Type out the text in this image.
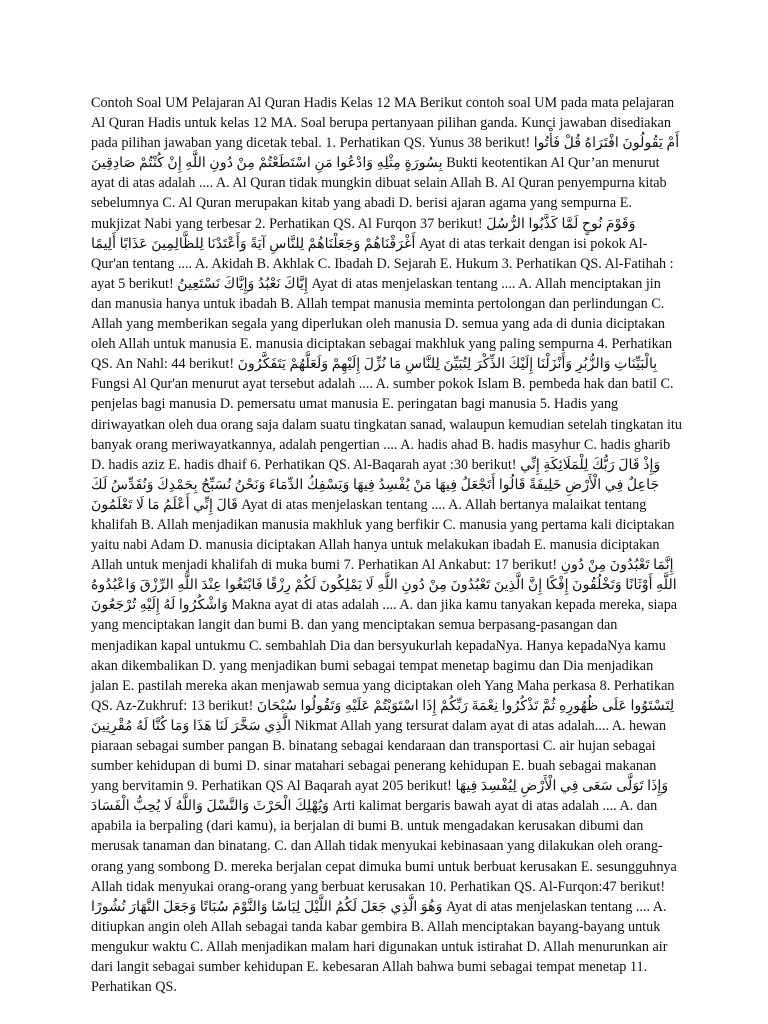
Contoh Soal UM Pelajaran Al Quran Hadis Kelas 12 MA Berikut contoh soal UM pada mata pelajaran Al Quran Hadis untuk kelas 12 MA. Soal berupa pertanyaan pilihan ganda. Kunci jawaban disediakan pada pilihan jawaban yang dicetak tebal. 1. Perhatikan QS. Yunus 38 berikut! أَمْ يَقُولُونَ افْتَرَاهُ قُلْ فَأْتُوا بِسُورَةٍ مِثْلِهِ وَادْعُوا مَنِ اسْتَطَعْتُمْ مِنْ دُونِ اللَّهِ إِنْ كُنْتُمْ صَادِقِينَ Bukti keotentikan Al Qur’an menurut ayat di atas adalah .... A. Al Quran tidak mungkin dibuat selain Allah B. Al Quran penyempurna kitab sebelumnya C. Al Quran merupakan kitab yang abadi D. berisi ajaran agama yang sempurna E. mukjizat Nabi yang terbesar 2. Perhatikan QS. Al Furqon 37 berikut! وَقَوْمَ نُوحٍ لَمَّا كَذَّبُوا الرُّسُلَ أَغْرَقْنَاهُمْ وَجَعَلْنَاهُمْ لِلنَّاسِ آيَةً وَأَعْتَدْنَا لِلظَّالِمِينَ عَذَابًا أَلِيمًا Ayat di atas terkait dengan isi pokok Al-Qur'an tentang .... A. Akidah B. Akhlak C. Ibadah D. Sejarah E. Hukum 3. Perhatikan QS. Al-Fatihah : ayat 5 berikut! إِيَّاكَ نَعْبُدُ وَإِيَّاكَ نَسْتَعِينُ Ayat di atas menjelaskan tentang .... A. Allah menciptakan jin dan manusia hanya untuk ibadah B. Allah tempat manusia meminta pertolongan dan perlindungan C. Allah yang memberikan segala yang diperlukan oleh manusia D. semua yang ada di dunia diciptakan oleh Allah untuk manusia E. manusia diciptakan sebagai makhluk yang paling sempurna 4. Perhatikan QS. An Nahl: 44 berikut! بِالْبَيِّنَاتِ وَالزُّبُرِ وَأَنْزَلْنَا إِلَيْكَ الذِّكْرَ لِتُبَيِّنَ لِلنَّاسِ مَا نُزِّلَ إِلَيْهِمْ وَلَعَلَّهُمْ يَتَفَكَّرُونَ Fungsi Al Qur'an menurut ayat tersebut adalah .... A. sumber pokok Islam B. pembeda hak dan batil C. penjelas bagi manusia D. pemersatu umat manusia E. peringatan bagi manusia 5. Hadis yang diriwayatkan oleh dua orang saja dalam suatu tingkatan sanad, walaupun kemudian setelah tingkatan itu banyak orang meriwayatkannya, adalah pengertian .... A. hadis ahad B. hadis masyhur C. hadis gharib D. hadis aziz E. hadis dhaif 6. Perhatikan QS. Al-Baqarah ayat :30 berikut! وَإِذْ قَالَ رَبُّكَ لِلْمَلَائِكَةِ إِنِّي جَاعِلٌ فِي الْأَرْضِ خَلِيفَةً قَالُوا أَتَجْعَلُ فِيهَا مَنْ يُفْسِدُ فِيهَا وَيَسْفِكُ الدِّمَاءَ وَنَحْنُ نُسَبِّحُ بِحَمْدِكَ وَنُقَدِّسُ لَكَ قَالَ إِنِّي أَعْلَمُ مَا لَا تَعْلَمُونَ Ayat di atas menjelaskan tentang .... A. Allah bertanya malaikat tentang khalifah B. Allah menjadikan manusia makhluk yang berfikir C. manusia yang pertama kali diciptakan yaitu nabi Adam D. manusia diciptakan Allah hanya untuk melakukan ibadah E. manusia diciptakan Allah untuk menjadi khalifah di muka bumi 7. Perhatikan Al Ankabut: 17 berikut! إِنَّمَا تَعْبُدُونَ مِنْ دُونِ اللَّهِ أَوْثَانًا وَتَخْلُقُونَ إِفْكًا إِنَّ الَّذِينَ تَعْبُدُونَ مِنْ دُونِ اللَّهِ لَا يَمْلِكُونَ لَكُمْ رِزْقًا فَابْتَغُوا عِنْدَ اللَّهِ الرِّزْقَ وَاعْبُدُوهُ وَاشْكُرُوا لَهُ إِلَيْهِ تُرْجَعُونَ Makna ayat di atas adalah .... A. dan jika kamu tanyakan kepada mereka, siapa yang menciptakan langit dan bumi B. dan yang menciptakan semua berpasang-pasangan dan menjadikan kapal untukmu C. sembahlah Dia dan bersyukurlah kepadaNya. Hanya kepadaNya kamu akan dikembalikan D. yang menjadikan bumi sebagai tempat menetap bagimu dan Dia menjadikan jalan E. pastilah mereka akan menjawab semua yang diciptakan oleh Yang Maha perkasa 8. Perhatikan QS. Az-Zukhruf: 13 berikut! لِتَسْتَوُوا عَلَى ظُهُورِهِ ثُمَّ تَذْكُرُوا نِعْمَةَ رَبِّكُمْ إِذَا اسْتَوَيْتُمْ عَلَيْهِ وَتَقُولُوا سُبْحَانَ الَّذِي سَخَّرَ لَنَا هَذَا وَمَا كُنَّا لَهُ مُقْرِنِينَ Nikmat Allah yang tersurat dalam ayat di atas adalah.... A. hewan piaraan sebagai sumber pangan B. binatang sebagai kendaraan dan transportasi C. air hujan sebagai sumber kehidupan di bumi D. sinar matahari sebagai penerang kehidupan E. buah sebagai makanan yang bervitamin 9. Perhatikan QS Al Baqarah ayat 205 berikut! وَإِذَا تَوَلَّى سَعَى فِي الْأَرْضِ لِيُفْسِدَ فِيهَا وَيُهْلِكَ الْحَرْثَ وَالنَّسْلَ وَاللَّهُ لَا يُحِبُّ الْفَسَادَ Arti kalimat bergaris bawah ayat di atas adalah .... A. dan apabila ia berpaling (dari kamu), ia berjalan di bumi B. untuk mengadakan kerusakan dibumi dan merusak tanaman dan binatang. C. dan Allah tidak menyukai kebinasaan yang dilakukan oleh orang-orang yang sombong D. mereka berjalan cepat dimuka bumi untuk berbuat kerusakan E. sesungguhnya Allah tidak menyukai orang-orang yang berbuat kerusakan 10. Perhatikan QS. Al-Furqon:47 berikut! وَهُوَ الَّذِي جَعَلَ لَكُمُ اللَّيْلَ لِبَاسًا وَالنَّوْمَ سُبَاتًا وَجَعَلَ النَّهَارَ نُشُورًا Ayat di atas menjelaskan tentang .... A. ditiupkan angin oleh Allah sebagai tanda kabar gembira B. Allah menciptakan bayang-bayang untuk mengukur waktu C. Allah menjadikan malam hari digunakan untuk istirahat D. Allah menurunkan air dari langit sebagai sumber kehidupan E. kebesaran Allah bahwa bumi sebagai tempat menetap 11. Perhatikan QS.
